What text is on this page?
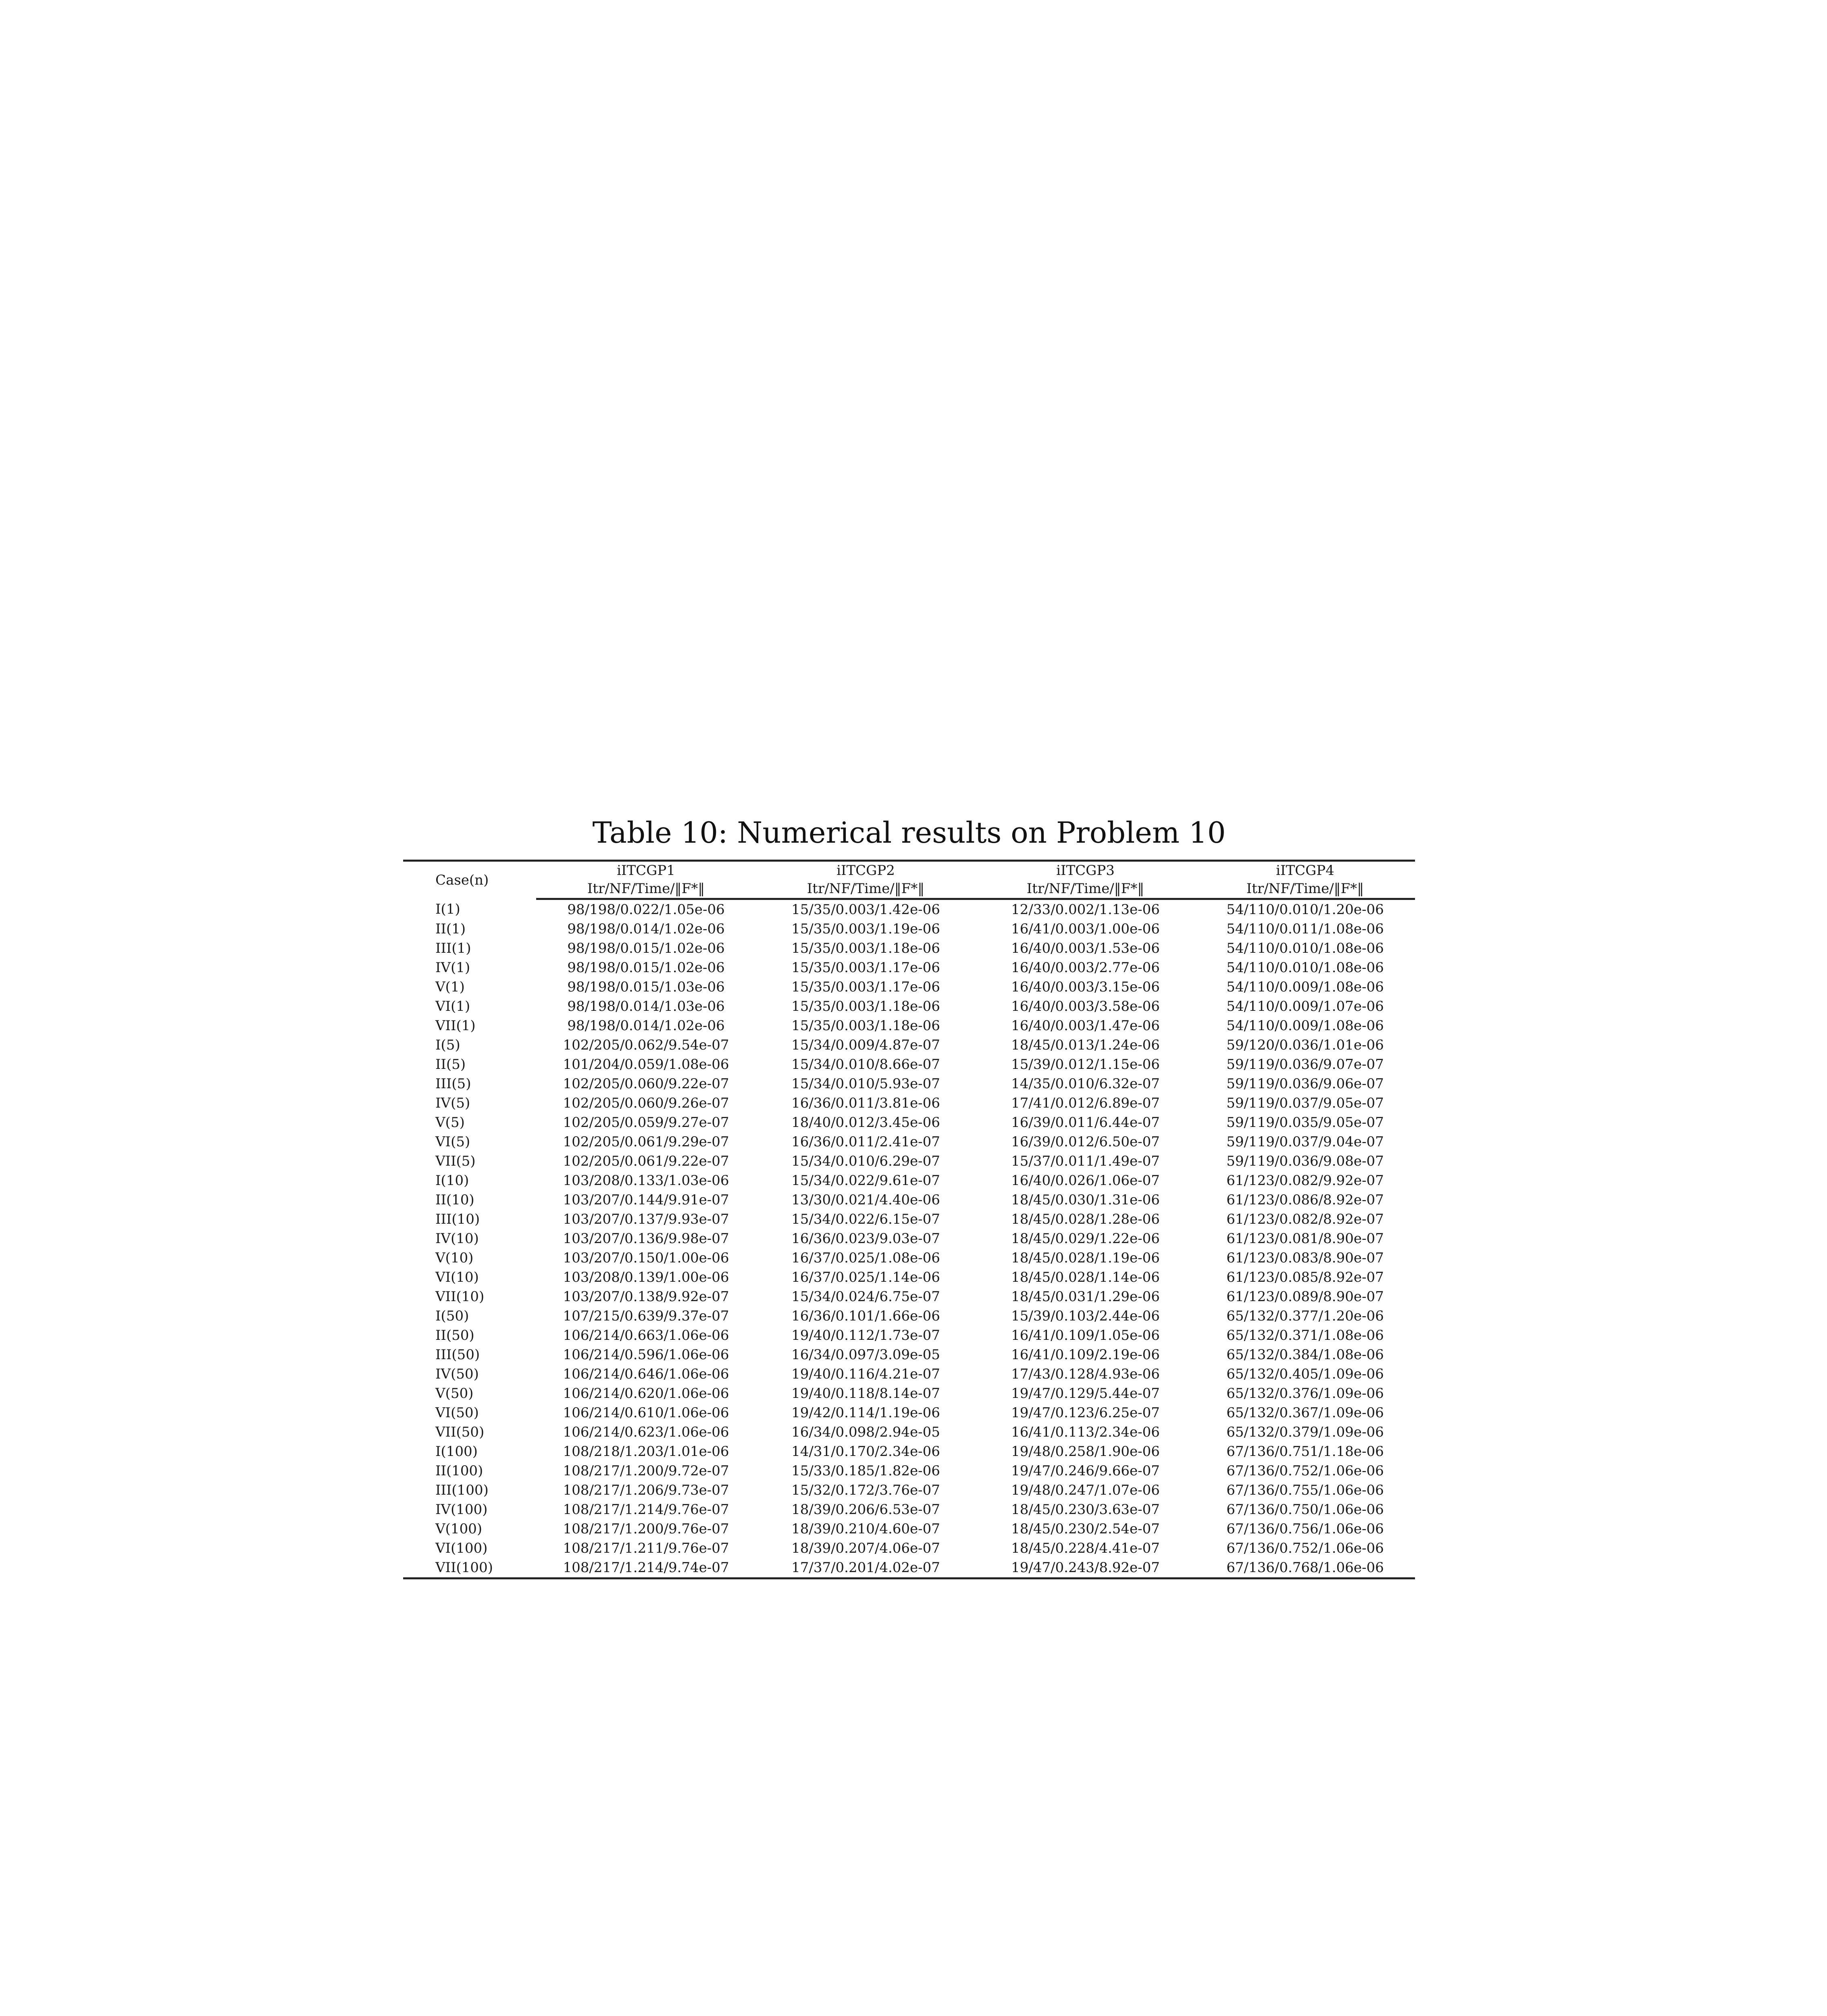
Table 10: Numerical results on Problem 10
Case(n)	iITCGP1	iITCGP2	iITCGP3	iITCGP4
	Itr/NF/Time/‖F*‖	Itr/NF/Time/‖F*‖	Itr/NF/Time/‖F*‖	Itr/NF/Time/‖F*‖
I(1)	98/198/0.022/1.05e-06	15/35/0.003/1.42e-06	12/33/0.002/1.13e-06	54/110/0.010/1.20e-06
II(1)	98/198/0.014/1.02e-06	15/35/0.003/1.19e-06	16/41/0.003/1.00e-06	54/110/0.011/1.08e-06
III(1)	98/198/0.015/1.02e-06	15/35/0.003/1.18e-06	16/40/0.003/1.53e-06	54/110/0.010/1.08e-06
IV(1)	98/198/0.015/1.02e-06	15/35/0.003/1.17e-06	16/40/0.003/2.77e-06	54/110/0.010/1.08e-06
V(1)	98/198/0.015/1.03e-06	15/35/0.003/1.17e-06	16/40/0.003/3.15e-06	54/110/0.009/1.08e-06
VI(1)	98/198/0.014/1.03e-06	15/35/0.003/1.18e-06	16/40/0.003/3.58e-06	54/110/0.009/1.07e-06
VII(1)	98/198/0.014/1.02e-06	15/35/0.003/1.18e-06	16/40/0.003/1.47e-06	54/110/0.009/1.08e-06
I(5)	102/205/0.062/9.54e-07	15/34/0.009/4.87e-07	18/45/0.013/1.24e-06	59/120/0.036/1.01e-06
II(5)	101/204/0.059/1.08e-06	15/34/0.010/8.66e-07	15/39/0.012/1.15e-06	59/119/0.036/9.07e-07
III(5)	102/205/0.060/9.22e-07	15/34/0.010/5.93e-07	14/35/0.010/6.32e-07	59/119/0.036/9.06e-07
IV(5)	102/205/0.060/9.26e-07	16/36/0.011/3.81e-06	17/41/0.012/6.89e-07	59/119/0.037/9.05e-07
V(5)	102/205/0.059/9.27e-07	18/40/0.012/3.45e-06	16/39/0.011/6.44e-07	59/119/0.035/9.05e-07
VI(5)	102/205/0.061/9.29e-07	16/36/0.011/2.41e-07	16/39/0.012/6.50e-07	59/119/0.037/9.04e-07
VII(5)	102/205/0.061/9.22e-07	15/34/0.010/6.29e-07	15/37/0.011/1.49e-07	59/119/0.036/9.08e-07
I(10)	103/208/0.133/1.03e-06	15/34/0.022/9.61e-07	16/40/0.026/1.06e-07	61/123/0.082/9.92e-07
II(10)	103/207/0.144/9.91e-07	13/30/0.021/4.40e-06	18/45/0.030/1.31e-06	61/123/0.086/8.92e-07
III(10)	103/207/0.137/9.93e-07	15/34/0.022/6.15e-07	18/45/0.028/1.28e-06	61/123/0.082/8.92e-07
IV(10)	103/207/0.136/9.98e-07	16/36/0.023/9.03e-07	18/45/0.029/1.22e-06	61/123/0.081/8.90e-07
V(10)	103/207/0.150/1.00e-06	16/37/0.025/1.08e-06	18/45/0.028/1.19e-06	61/123/0.083/8.90e-07
VI(10)	103/208/0.139/1.00e-06	16/37/0.025/1.14e-06	18/45/0.028/1.14e-06	61/123/0.085/8.92e-07
VII(10)	103/207/0.138/9.92e-07	15/34/0.024/6.75e-07	18/45/0.031/1.29e-06	61/123/0.089/8.90e-07
I(50)	107/215/0.639/9.37e-07	16/36/0.101/1.66e-06	15/39/0.103/2.44e-06	65/132/0.377/1.20e-06
II(50)	106/214/0.663/1.06e-06	19/40/0.112/1.73e-07	16/41/0.109/1.05e-06	65/132/0.371/1.08e-06
III(50)	106/214/0.596/1.06e-06	16/34/0.097/3.09e-05	16/41/0.109/2.19e-06	65/132/0.384/1.08e-06
IV(50)	106/214/0.646/1.06e-06	19/40/0.116/4.21e-07	17/43/0.128/4.93e-06	65/132/0.405/1.09e-06
V(50)	106/214/0.620/1.06e-06	19/40/0.118/8.14e-07	19/47/0.129/5.44e-07	65/132/0.376/1.09e-06
VI(50)	106/214/0.610/1.06e-06	19/42/0.114/1.19e-06	19/47/0.123/6.25e-07	65/132/0.367/1.09e-06
VII(50)	106/214/0.623/1.06e-06	16/34/0.098/2.94e-05	16/41/0.113/2.34e-06	65/132/0.379/1.09e-06
I(100)	108/218/1.203/1.01e-06	14/31/0.170/2.34e-06	19/48/0.258/1.90e-06	67/136/0.751/1.18e-06
II(100)	108/217/1.200/9.72e-07	15/33/0.185/1.82e-06	19/47/0.246/9.66e-07	67/136/0.752/1.06e-06
III(100)	108/217/1.206/9.73e-07	15/32/0.172/3.76e-07	19/48/0.247/1.07e-06	67/136/0.755/1.06e-06
IV(100)	108/217/1.214/9.76e-07	18/39/0.206/6.53e-07	18/45/0.230/3.63e-07	67/136/0.750/1.06e-06
V(100)	108/217/1.200/9.76e-07	18/39/0.210/4.60e-07	18/45/0.230/2.54e-07	67/136/0.756/1.06e-06
VI(100)	108/217/1.211/9.76e-07	18/39/0.207/4.06e-07	18/45/0.228/4.41e-07	67/136/0.752/1.06e-06
VII(100)	108/217/1.214/9.74e-07	17/37/0.201/4.02e-07	19/47/0.243/8.92e-07	67/136/0.768/1.06e-06
